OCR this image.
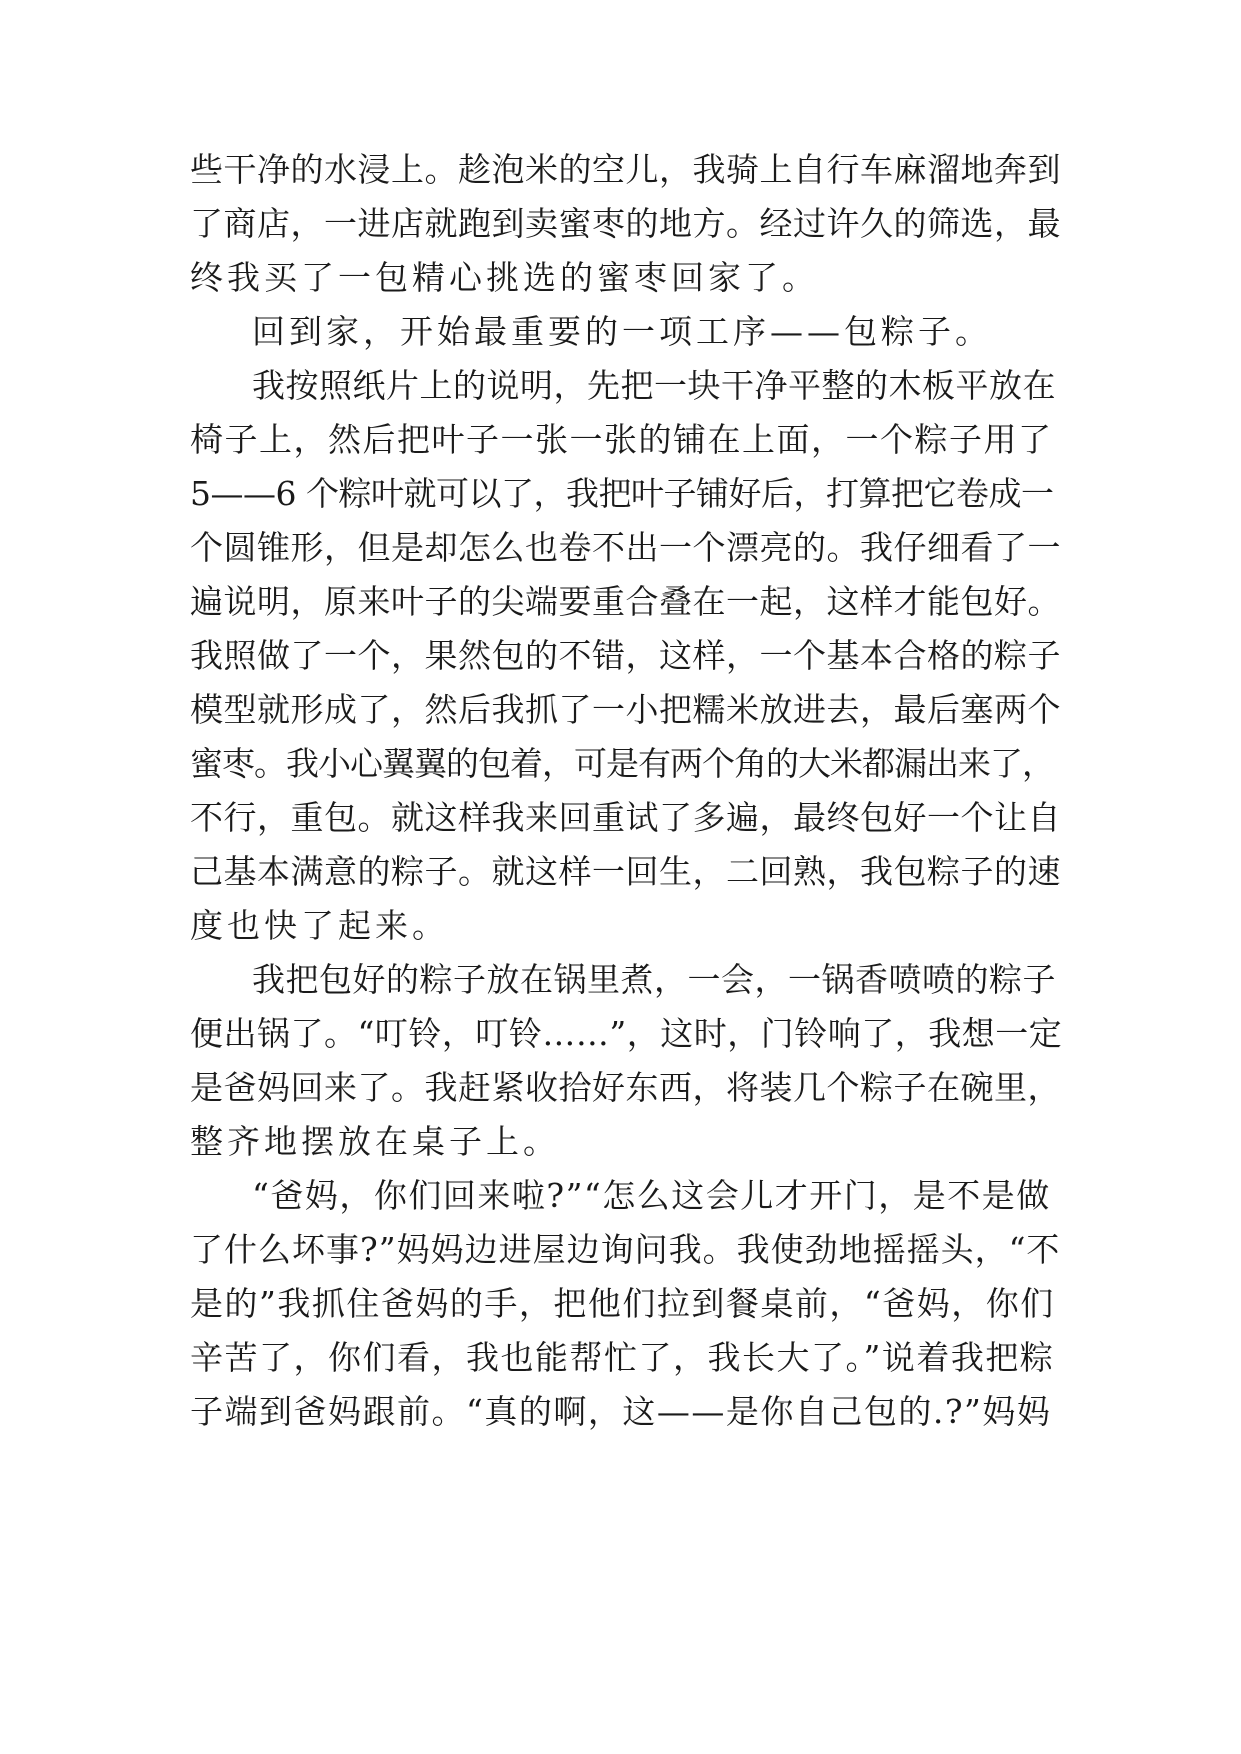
些干净的水浸上。趁泡米的空儿，我骑上自行车麻溜地奔到
了商店，一进店就跑到卖蜜枣的地方。经过许久的筛选，最
终我买了一包精心挑选的蜜枣回家了。
回到家，开始最重要的一项工序——包粽子。
我按照纸片上的说明，先把一块干净平整的木板平放在
椅子上，然后把叶子一张一张的铺在上面，一个粽子用了
5——6 个粽叶就可以了，我把叶子铺好后，打算把它卷成一
个圆锥形，但是却怎么也卷不出一个漂亮的。我仔细看了一
遍说明，原来叶子的尖端要重合叠在一起，这样才能包好。
我照做了一个，果然包的不错，这样，一个基本合格的粽子
模型就形成了，然后我抓了一小把糯米放进去，最后塞两个
蜜枣。我小心翼翼的包着，可是有两个角的大米都漏出来了，
不行，重包。就这样我来回重试了多遍，最终包好一个让自
己基本满意的粽子。就这样一回生，二回熟，我包粽子的速
度也快了起来。
我把包好的粽子放在锅里煮，一会，一锅香喷喷的粽子
便出锅了。“叮铃，叮铃……”，这时，门铃响了，我想一定
是爸妈回来了。我赶紧收拾好东西，将装几个粽子在碗里，
整齐地摆放在桌子上。
“爸妈，你们回来啦?”“怎么这会儿才开门，是不是做
了什么坏事?”妈妈边进屋边询问我。我使劲地摇摇头，“不
是的”我抓住爸妈的手，把他们拉到餐桌前，“爸妈，你们
辛苦了，你们看，我也能帮忙了，我长大了。”说着我把粽
子端到爸妈跟前。“真的啊，这——是你自己包的.?”妈妈
